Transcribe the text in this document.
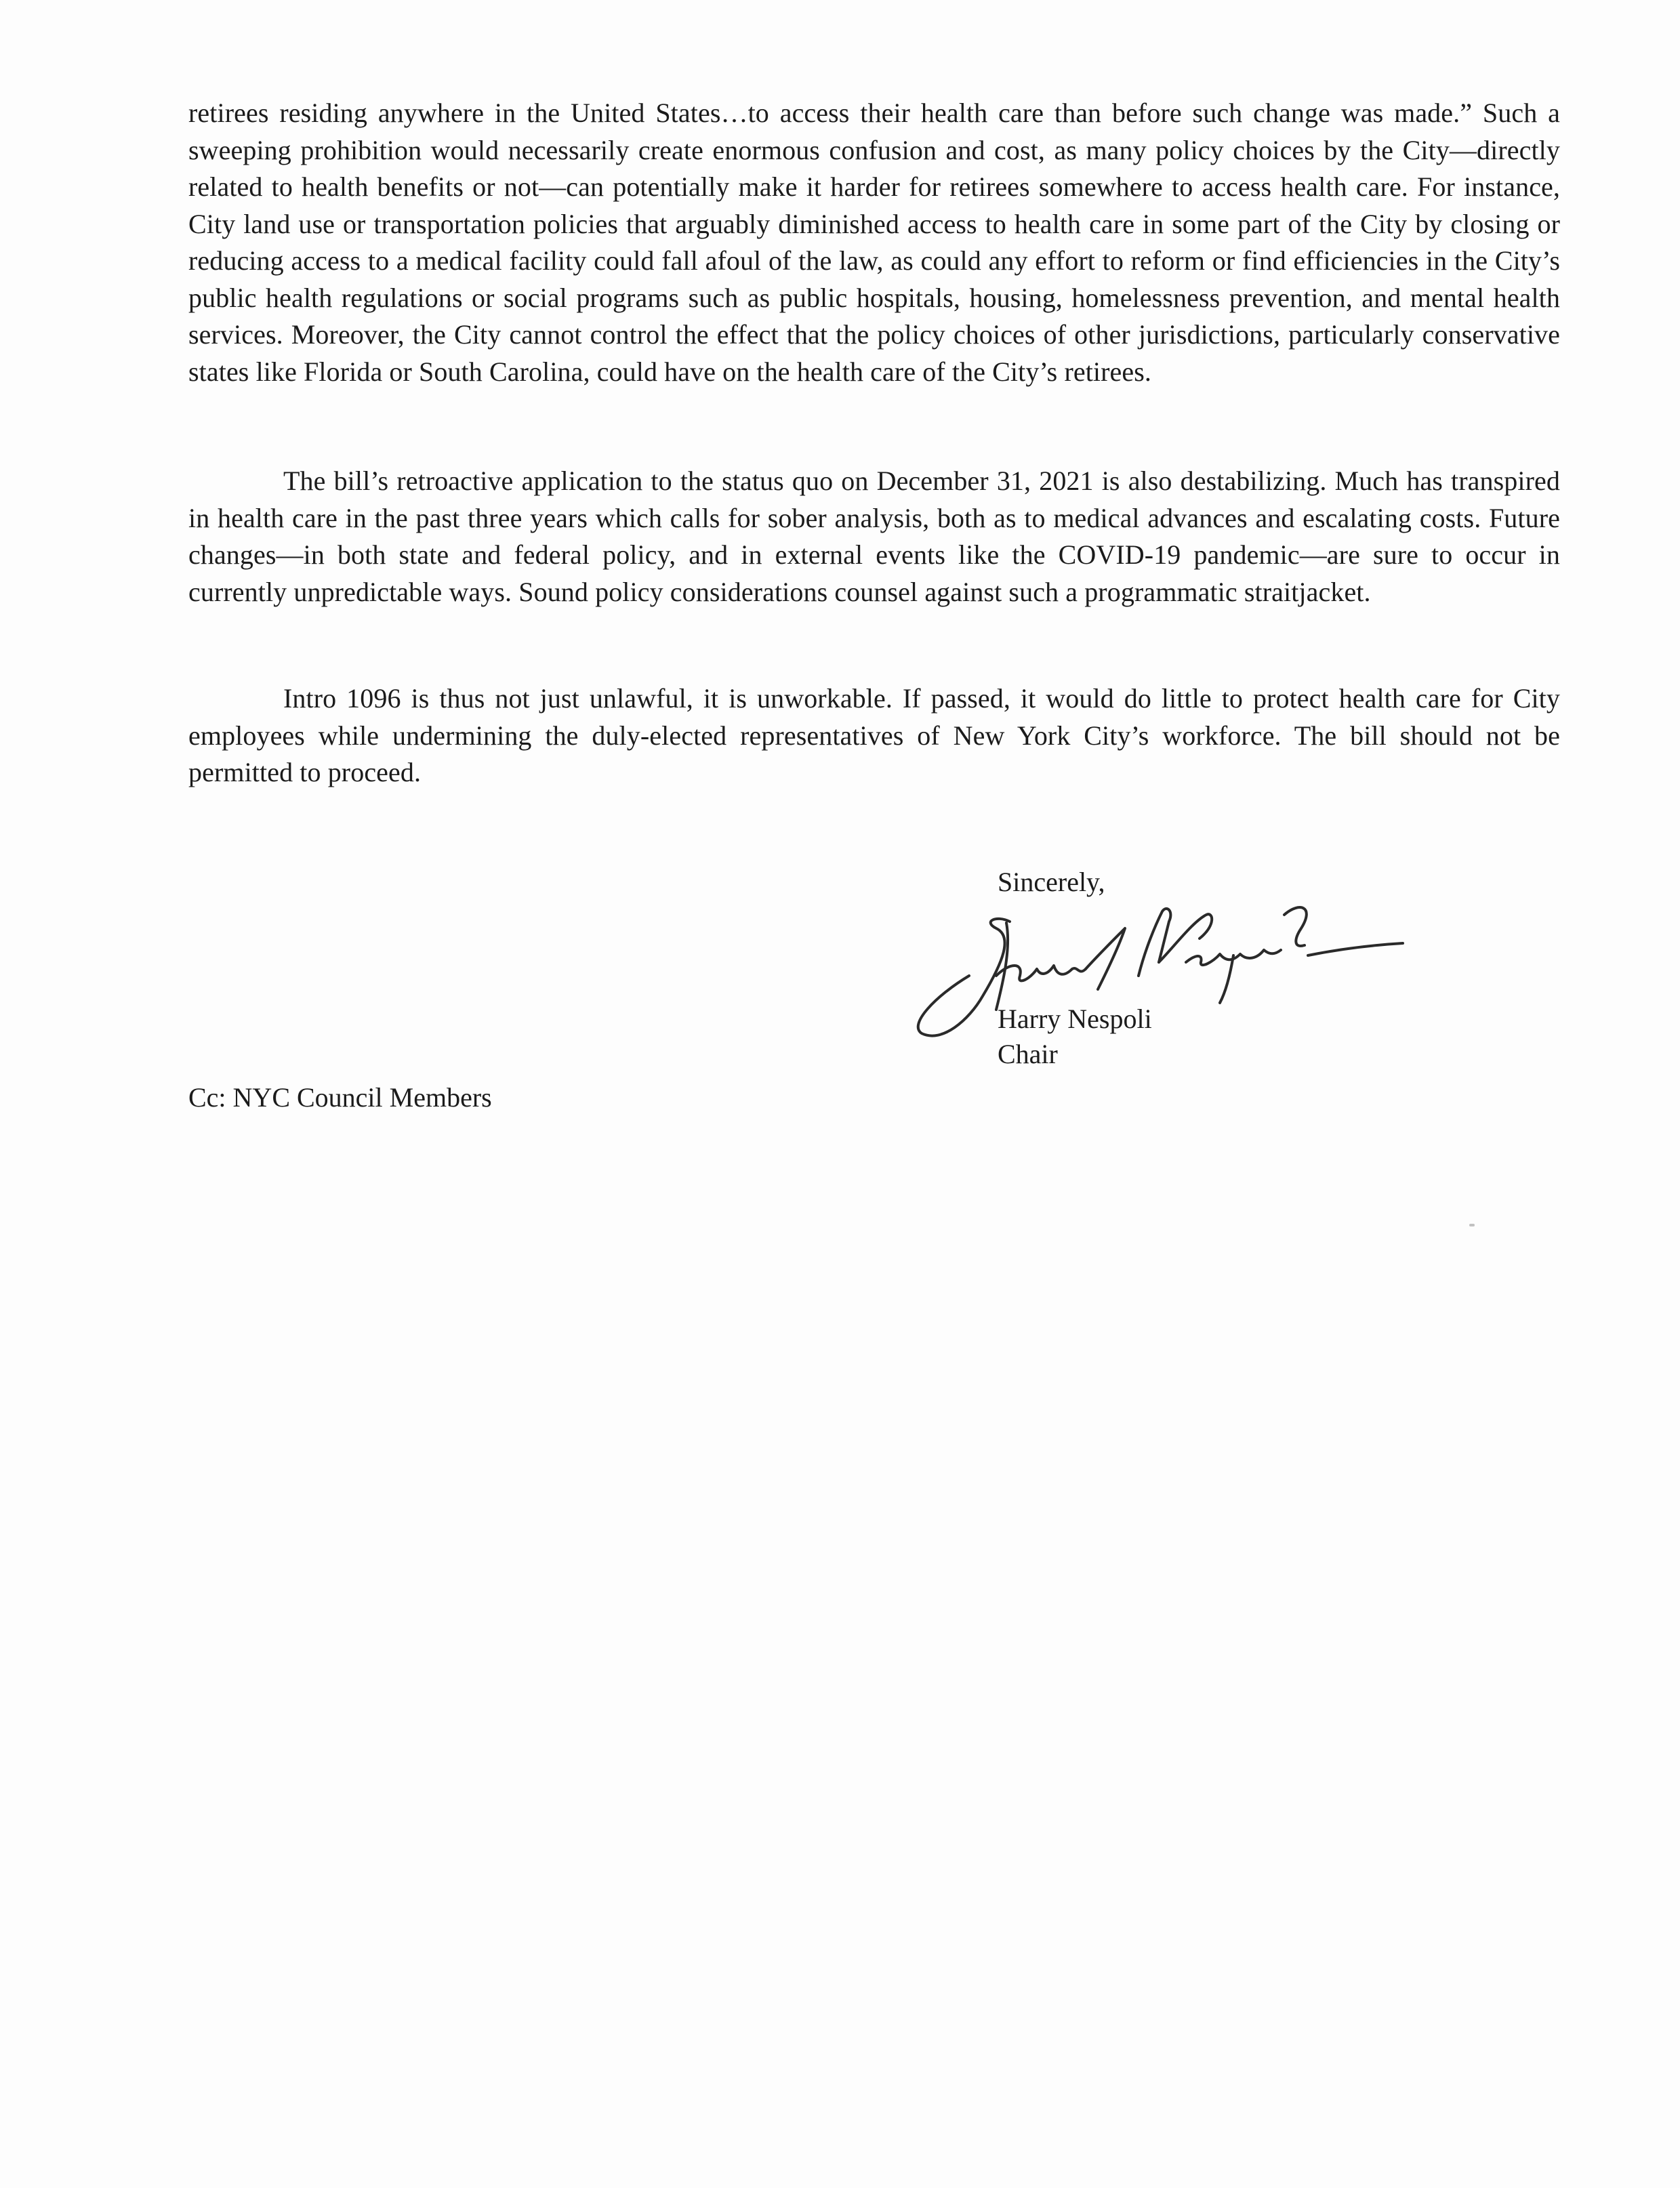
retirees residing anywhere in the United States…to access their health care than before such change was made.” Such a sweeping prohibition would necessarily create enormous confusion and cost, as many policy choices by the City—directly related to health benefits or not—can potentially make it harder for retirees somewhere to access health care. For instance, City land use or transportation policies that arguably diminished access to health care in some part of the City by closing or reducing access to a medical facility could fall afoul of the law, as could any effort to reform or find efficiencies in the City’s public health regulations or social programs such as public hospitals, housing, homelessness prevention, and mental health services. Moreover, the City cannot control the effect that the policy choices of other jurisdictions, particularly conservative states like Florida or South Carolina, could have on the health care of the City’s retirees.

The bill’s retroactive application to the status quo on December 31, 2021 is also destabilizing. Much has transpired in health care in the past three years which calls for sober analysis, both as to medical advances and escalating costs. Future changes—in both state and federal policy, and in external events like the COVID-19 pandemic—are sure to occur in currently unpredictable ways. Sound policy considerations counsel against such a programmatic straitjacket.

Intro 1096 is thus not just unlawful, it is unworkable. If passed, it would do little to protect health care for City employees while undermining the duly-elected representatives of New York City’s workforce. The bill should not be permitted to proceed.

Sincerely,

Harry Nespoli

Chair

Cc: NYC Council Members
